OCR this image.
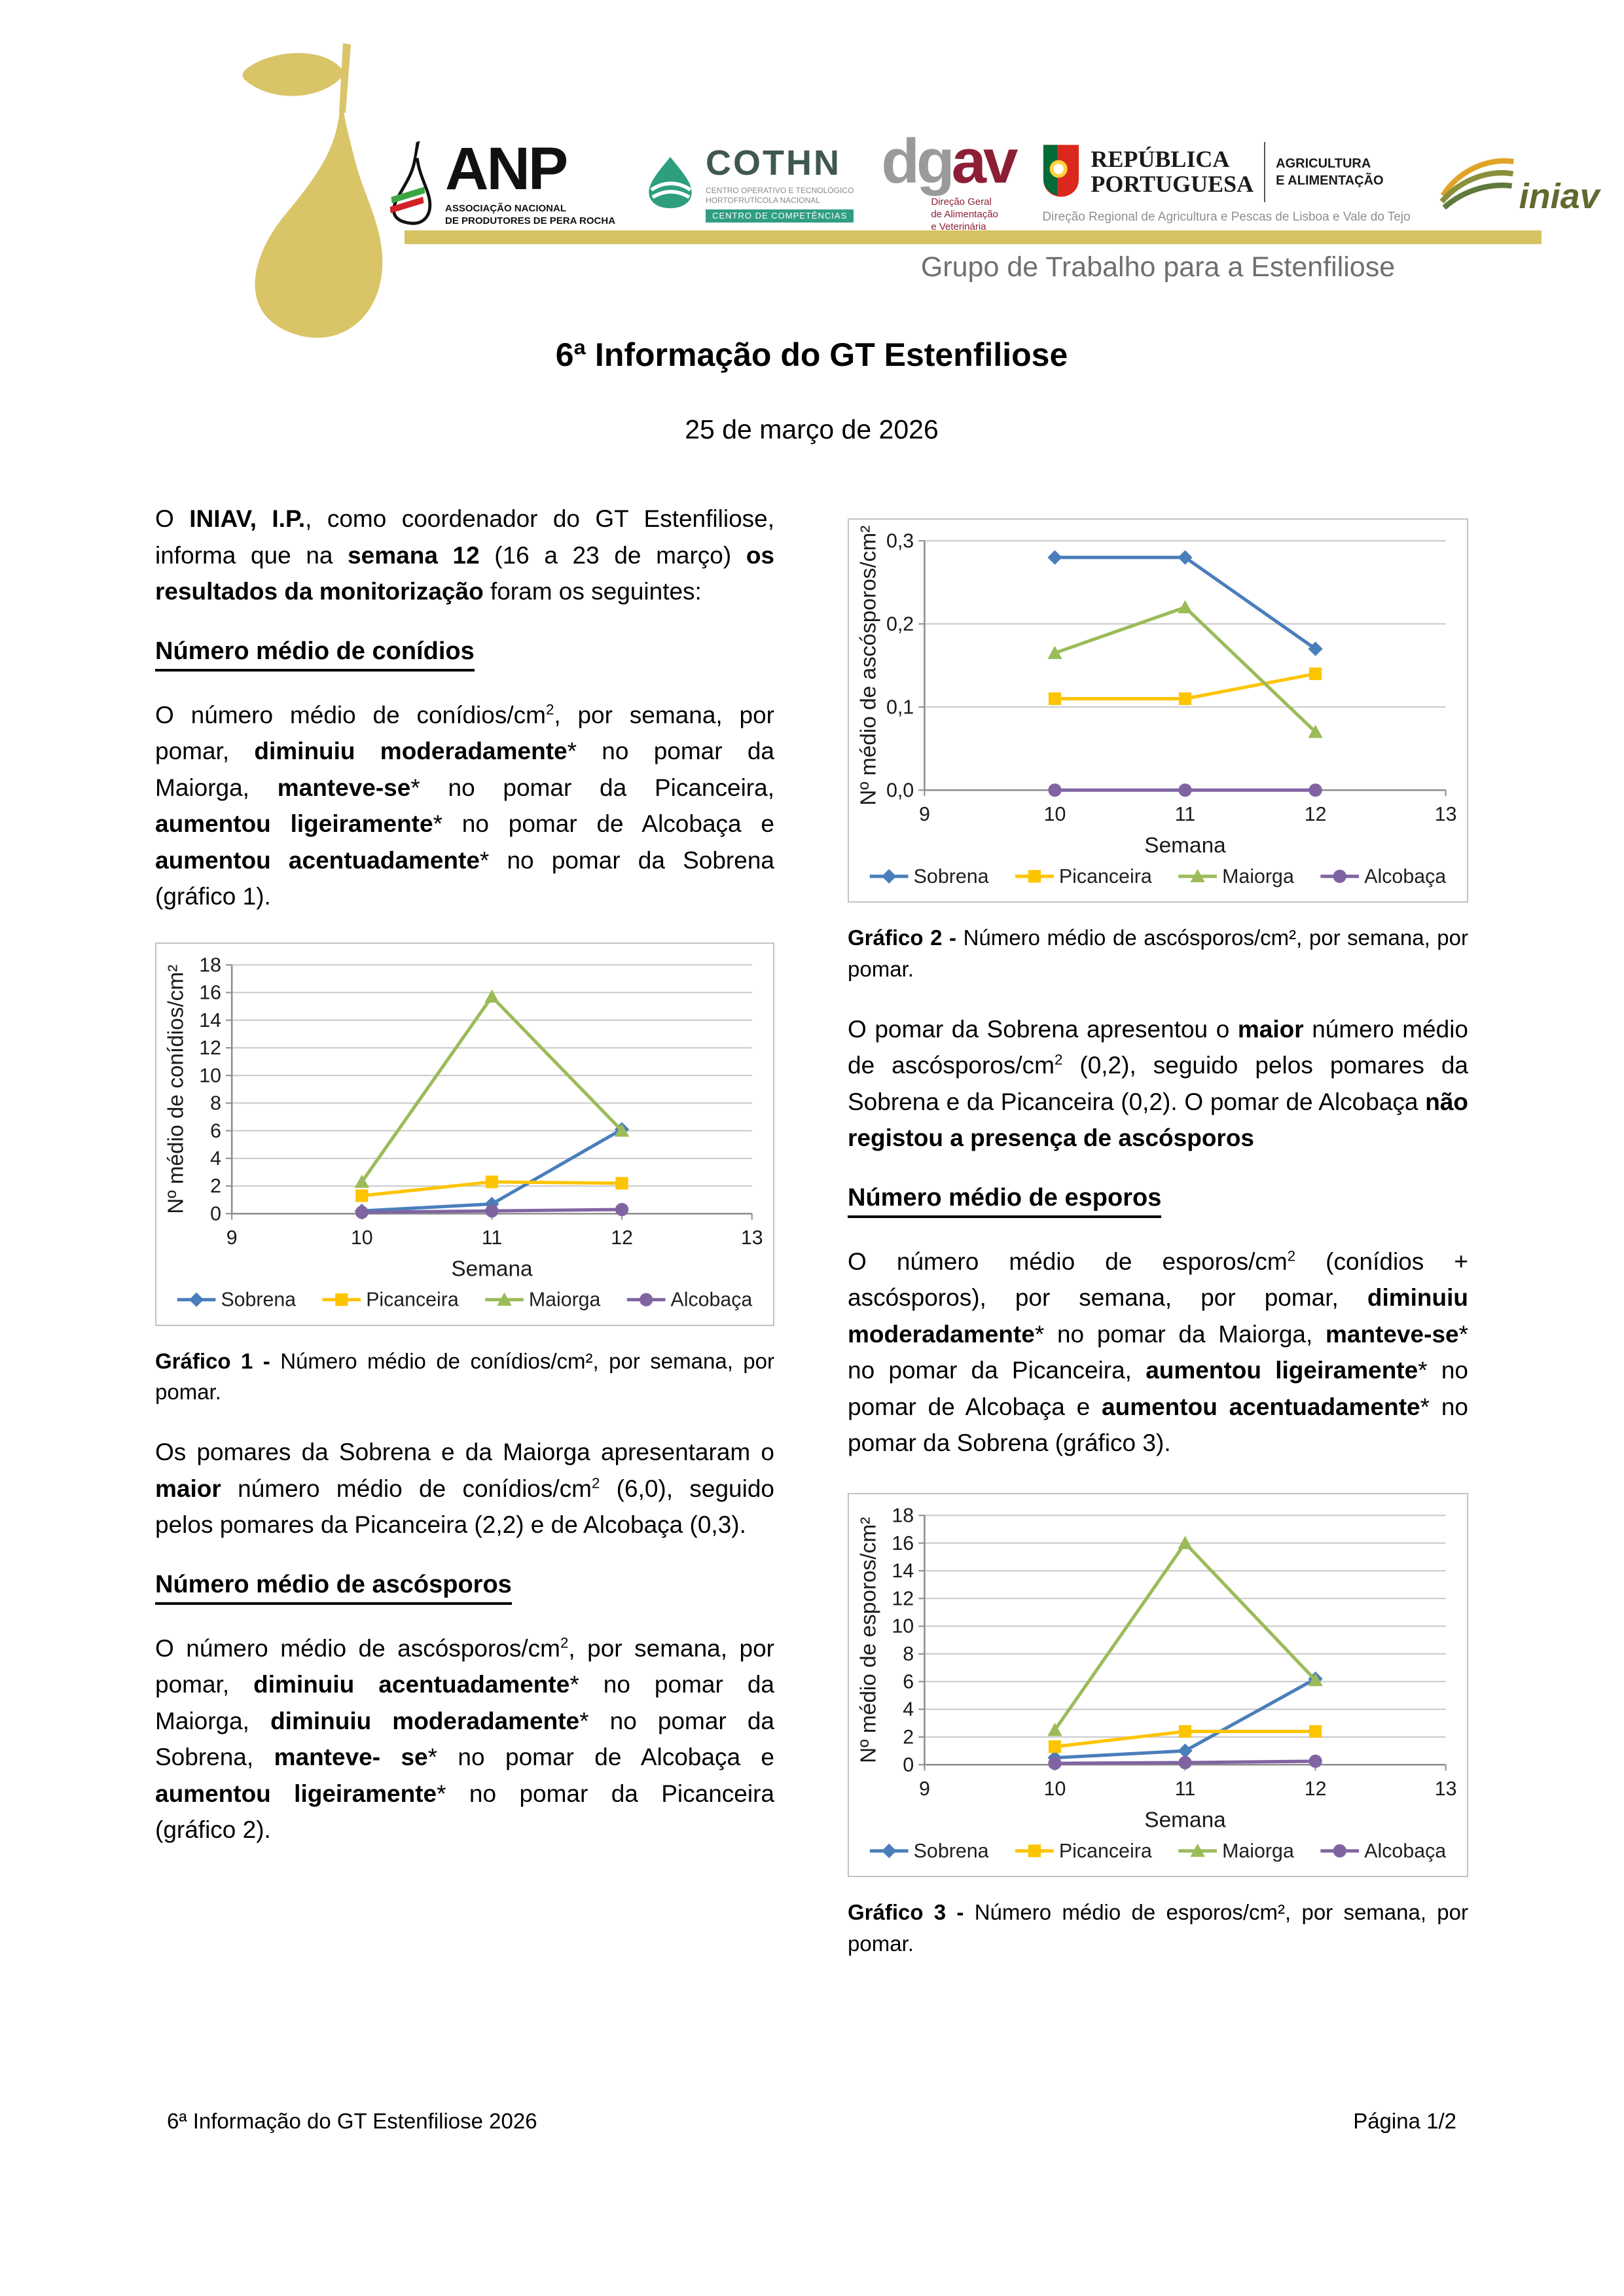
ANP
ASSOCIAÇÃO NACIONAL
DE PRODUTORES DE PERA ROCHA
COTHN
CENTRO OPERATIVO E TECNOLÓGICO
HORTOFRUTÍCOLA NACIONAL
CENTRO DE COMPETÊNCIAS
dgav
Direção Geral
de Alimentação
e Veterinária
REPÚBLICA
PORTUGUESA
AGRICULTURA
E ALIMENTAÇÃO
Direção Regional de Agricultura e Pescas de Lisboa e Vale do Tejo
iniav
Grupo de Trabalho para a Estenfiliose
6ª Informação do GT Estenfiliose
25 de março de 2026

O INIAV, I.P., como coordenador do GT Estenfiliose, informa que na semana 12 (16 a 23 de março) os resultados da monitorização foram os seguintes:

Número médio de conídios

O número médio de conídios/$cm^2$, por semana, por pomar, diminuiu moderadamente* no pomar da Maiorga, manteve-se* no pomar da Picanceira, aumentou ligeiramente* no pomar de Alcobaça e aumentou acentuadamente* no pomar da Sobrena (gráfico 1).

0
2
4
6
8
10
12
14
16
18
9	10	11	12	13
Nº médio de conídios/cm²
Semana
Sobrena	Picanceira	Maiorga	Alcobaça

Gráfico 1 - Número médio de conídios/cm², por semana, por pomar.

Os pomares da Sobrena e da Maiorga apresentaram o maior número médio de conídios/$cm^2$ (6,0), seguido pelos pomares da Picanceira (2,2) e de Alcobaça (0,3).

Número médio de ascósporos

O número médio de ascósporos/$cm^2$, por semana, por pomar, diminuiu acentuadamente* no pomar da Maiorga, diminuiu moderadamente* no pomar da Sobrena, manteve- se* no pomar de Alcobaça e aumentou ligeiramente* no pomar da Picanceira (gráfico 2).

0,0
0,1
0,2
0,3
9	10	11	12	13
Nº médio de ascósporos/cm²
Semana
Sobrena	Picanceira	Maiorga	Alcobaça

Gráfico 2 - Número médio de ascósporos/cm², por semana, por pomar.

O pomar da Sobrena apresentou o maior número médio de ascósporos/$cm^2$ (0,2), seguido pelos pomares da Sobrena e da Picanceira (0,2). O pomar de Alcobaça não registou a presença de ascósporos

Número médio de esporos

O número médio de esporos/$cm^2$ (conídios + ascósporos), por semana, por pomar, diminuiu moderadamente* no pomar da Maiorga, manteve-se* no pomar da Picanceira, aumentou ligeiramente* no pomar de Alcobaça e aumentou acentuadamente* no pomar da Sobrena (gráfico 3).

0
2
4
6
8
10
12
14
16
18
9	10	11	12	13
Nº médio de esporos/cm²
Semana
Sobrena	Picanceira	Maiorga	Alcobaça

Gráfico 3 - Número médio de esporos/cm², por semana, por pomar.

6ª Informação do GT Estenfiliose 2026	Página 1/2
